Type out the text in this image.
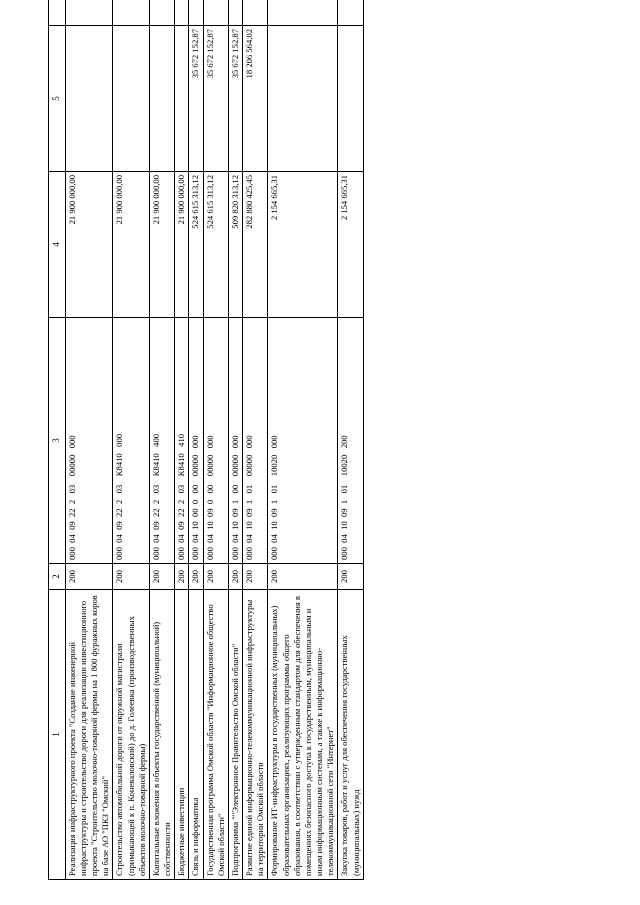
1	2	3	4	5	
Реализация инфраструктурного проекта "Создание инженерной инфраструктуры и строительство дороги для реализации инвестиционного проекта "Строительство молочно-товарной фермы на 1 800 фуражных коров на базе АО "ПКЗ "Омский"	200	000  04  09  22  2   03    00000   000	21 900 000,00		
Строительство автомобильной дороги от окружной магистрали (примыкающей к п. Коневаловский) до д. Голеевка (производственных объектов молочно-товарной фермы)	200	000  04  09  22  2   03    К8410   000	21 900 000,00		
Капитальные вложения в объекты государственной (муниципальной) собственности	200	000  04  09  22  2   03    К8410   400	21 900 000,00		
Бюджетные инвестиции	200	000  04  09  22  2   03    К8410   410	21 900 000,00		
Связь и информатика	200	000  04  10  00  0   00    00000   000	524 615 313,12	35 672 152,87	
Государственная программа Омской области "Информационное общество Омской области"	200	000  04  10  09  0   00    00000   000	524 615 313,12	35 672 152,87	
Подпрограмма ""Электронное Правительство Омской области"	200	000  04  10  09  1   00    00000   000	509 820 313,12	35 672 152,87	
Развитие единой информационно-телекоммуникационной инфраструктуры на территории Омской области	200	000  04  10  09  1   01    00000   000	282 880 425,45	18 206 564,02	
Формирование ИТ-инфраструктуры в государственных (муниципальных) образовательных организациях, реализующих программы общего образования, в соответствии с утвержденным стандартом для обеспечения в помещениях безопасного доступа к государственным, муниципальным и иным информационным системам, а также к информационно-телекоммуникационной сети "Интернет"	200	000  04  10  09  1   01    10020   000	2 154 665,31		
Закупка товаров, работ и услуг для обеспечения государственных (муниципальных) нужд	200	000  04  10  09  1   01    10020   200	2 154 665,31		
